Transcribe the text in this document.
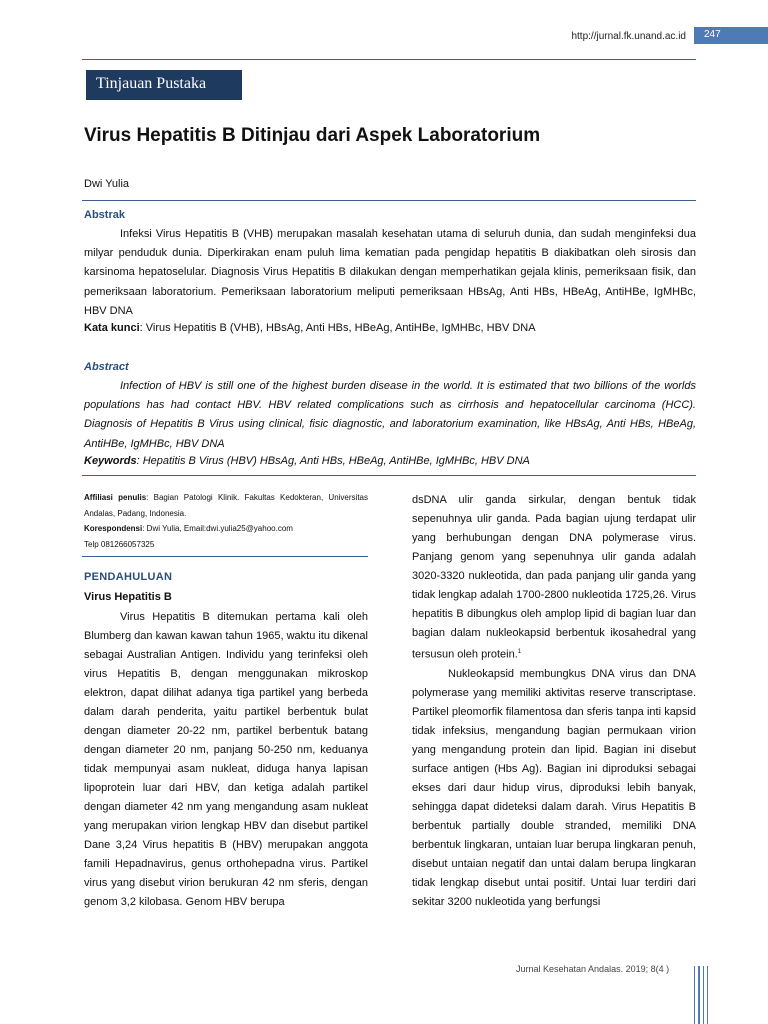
http://jurnal.fk.unand.ac.id	247
Tinjauan Pustaka
Virus Hepatitis B Ditinjau dari Aspek Laboratorium
Dwi Yulia
Abstrak

Infeksi Virus Hepatitis B (VHB) merupakan masalah kesehatan utama di seluruh dunia, dan sudah menginfeksi dua milyar penduduk dunia. Diperkirakan enam puluh lima kematian pada pengidap hepatitis B diakibatkan oleh sirosis dan karsinoma hepatoselular. Diagnosis Virus Hepatitis B dilakukan dengan memperhatikan gejala klinis, pemeriksaan fisik, dan pemeriksaan laboratorium. Pemeriksaan laboratorium meliputi pemeriksaan HBsAg, Anti HBs, HBeAg, AntiHBe, IgMHBc, HBV DNA

Kata kunci: Virus Hepatitis B (VHB), HBsAg, Anti HBs, HBeAg, AntiHBe, IgMHBc, HBV DNA
Abstract

Infection of HBV is still one of the highest burden disease in the world. It is estimated that two billions of the worlds populations has had contact HBV. HBV related complications such as cirrhosis and hepatocellular carcinoma (HCC). Diagnosis of Hepatitis B Virus using clinical, fisic diagnostic, and laboratorium examination, like HBsAg, Anti HBs, HBeAg, AntiHBe, IgMHBc, HBV DNA

Keywords: Hepatitis B Virus (HBV) HBsAg, Anti HBs, HBeAg, AntiHBe, IgMHBc, HBV DNA
Affiliasi penulis: Bagian Patologi Klinik. Fakultas Kedokteran, Universitas Andalas, Padang, Indonesia.
Korespondensi: Dwi Yulia, Email:dwi.yulia25@yahoo.com
Telp 081266057325
PENDAHULUAN
Virus Hepatitis B

Virus Hepatitis B ditemukan pertama kali oleh Blumberg dan kawan kawan tahun 1965, waktu itu dikenal sebagai Australian Antigen. Individu yang terinfeksi oleh virus Hepatitis B, dengan menggunakan mikroskop elektron, dapat dilihat adanya tiga partikel yang berbeda dalam darah penderita, yaitu partikel berbentuk bulat dengan diameter 20-22 nm, partikel berbentuk batang dengan diameter 20 nm, panjang 50-250 nm, keduanya tidak mempunyai asam nukleat, diduga hanya lapisan lipoprotein luar dari HBV, dan ketiga adalah partikel dengan diameter 42 nm yang mengandung asam nukleat yang merupakan virion lengkap HBV dan disebut partikel Dane 3,24 Virus hepatitis B (HBV) merupakan anggota famili Hepadnavirus, genus orthohepadna virus. Partikel virus yang disebut virion berukuran 42 nm sferis, dengan genom 3,2 kilobasa. Genom HBV berupa

dsDNA ulir ganda sirkular, dengan bentuk tidak sepenuhnya ulir ganda. Pada bagian ujung terdapat ulir yang berhubungan dengan DNA polymerase virus. Panjang genom yang sepenuhnya ulir ganda adalah 3020-3320 nukleotida, dan pada panjang ulir ganda yang tidak lengkap adalah 1700-2800 nukleotida 1725,26. Virus hepatitis B dibungkus oleh amplop lipid di bagian luar dan bagian dalam nukleokapsid berbentuk ikosahedral yang tersusun oleh protein.$^1$

Nukleokapsid membungkus DNA virus dan DNA polymerase yang memiliki aktivitas reserve transcriptase. Partikel pleomorfik filamentosa dan sferis tanpa inti kapsid tidak infeksius, mengandung bagian permukaan virion yang mengandung protein dan lipid. Bagian ini disebut surface antigen (Hbs Ag). Bagian ini diproduksi sebagai ekses dari daur hidup virus, diproduksi lebih banyak, sehingga dapat dideteksi dalam darah. Virus Hepatitis B berbentuk partially double stranded, memiliki DNA berbentuk lingkaran, untaian luar berupa lingkaran penuh, disebut untaian negatif dan untai dalam berupa lingkaran tidak lengkap disebut untai positif. Untai luar terdiri dari sekitar 3200 nukleotida yang berfungsi

Jurnal Kesehatan Andalas. 2019; 8(4 )
